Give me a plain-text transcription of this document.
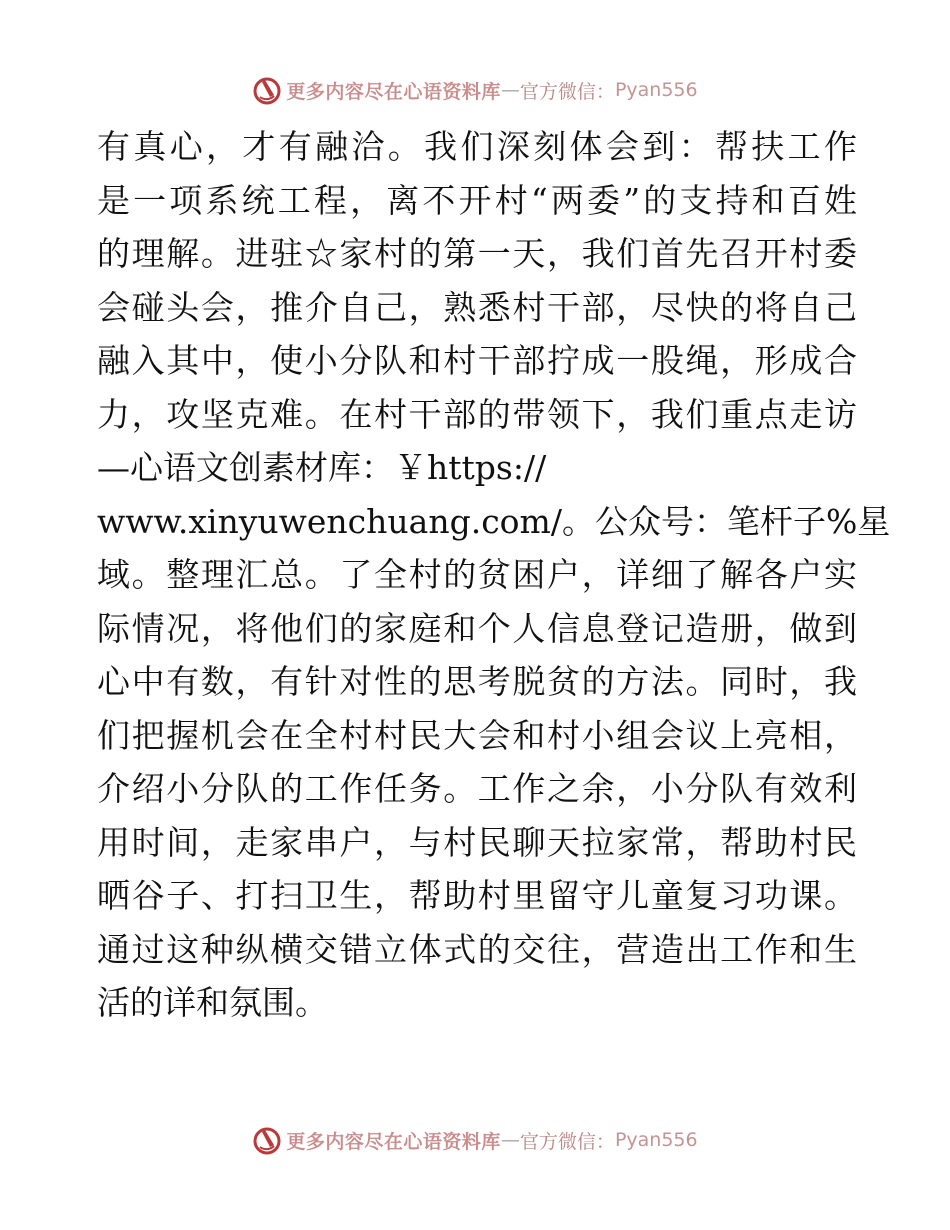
更多内容尽在心语资料库 — 官方微信： Pyan556
有真心，才有融洽。我们深刻体会到：帮扶工作
是一项系统工程，离不开村“两委”的支持和百姓
的理解。进驻☆家村的第一天，我们首先召开村委
会碰头会，推介自己，熟悉村干部，尽快的将自己
融入其中，使小分队和村干部拧成一股绳，形成合
力，攻坚克难。在村干部的带领下，我们重点走访
—心语文创素材库：￥https://
www.xinyuwenchuang.com/。公众号：笔杆子%星
域。整理汇总。了全村的贫困户，详细了解各户实
际情况，将他们的家庭和个人信息登记造册，做到
心中有数，有针对性的思考脱贫的方法。同时，我
们把握机会在全村村民大会和村小组会议上亮相，
介绍小分队的工作任务。工作之余，小分队有效利
用时间，走家串户，与村民聊天拉家常，帮助村民
晒谷子、打扫卫生，帮助村里留守儿童复习功课。
通过这种纵横交错立体式的交往，营造出工作和生
活的详和氛围。
更多内容尽在心语资料库 — 官方微信： Pyan556
